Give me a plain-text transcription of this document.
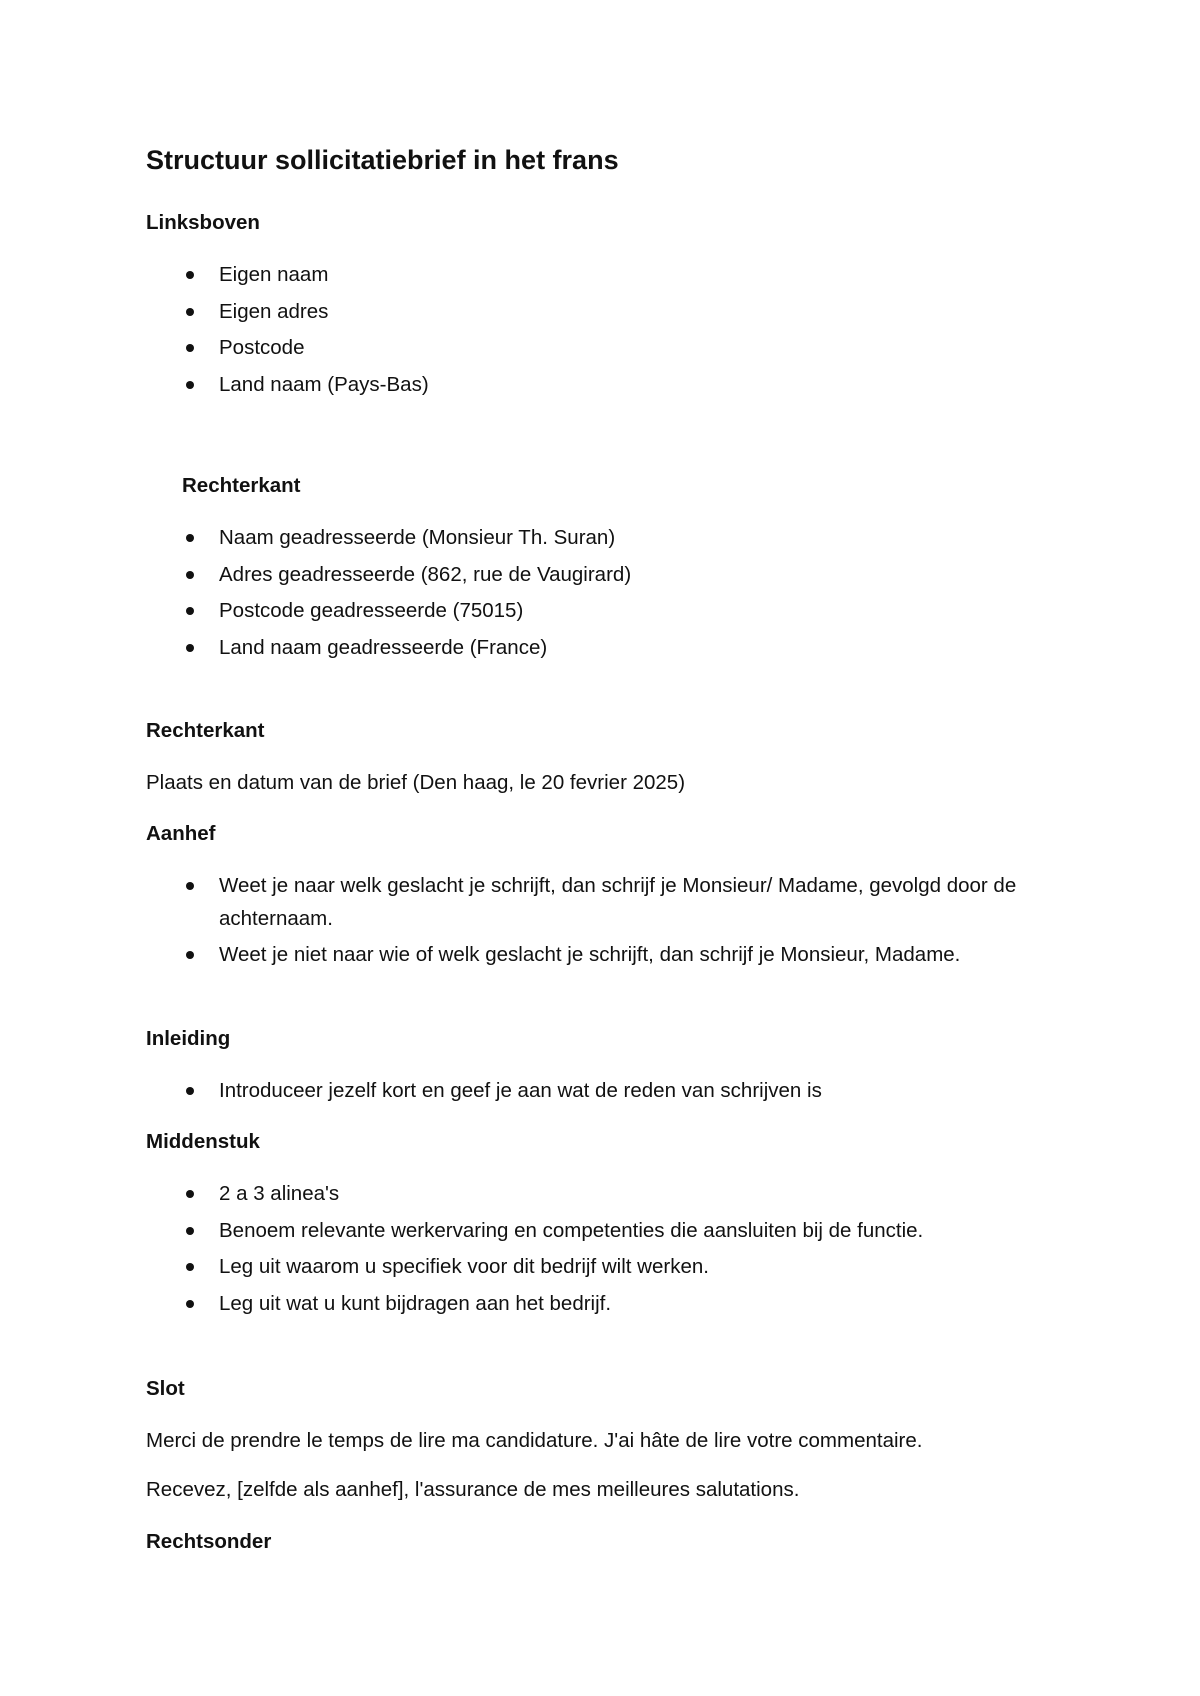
Structuur sollicitatiebrief in het frans
Linksboven
Eigen naam
Eigen adres
Postcode
Land naam (Pays-Bas)
Rechterkant
Naam geadresseerde (Monsieur Th. Suran)
Adres geadresseerde (862, rue de Vaugirard)
Postcode geadresseerde (75015)
Land naam geadresseerde (France)
Rechterkant
Plaats en datum van de brief (Den haag, le 20 fevrier 2025)
Aanhef
Weet je naar welk geslacht je schrijft, dan schrijf je Monsieur/ Madame, gevolgd door de achternaam.
Weet je niet naar wie of welk geslacht je schrijft, dan schrijf je Monsieur, Madame.
Inleiding
Introduceer jezelf kort en geef je aan wat de reden van schrijven is
Middenstuk
2 a 3 alinea's
Benoem relevante werkervaring en competenties die aansluiten bij de functie.
Leg uit waarom u specifiek voor dit bedrijf wilt werken.
Leg uit wat u kunt bijdragen aan het bedrijf.
Slot
Merci de prendre le temps de lire ma candidature. J'ai hâte de lire votre commentaire.
Recevez, [zelfde als aanhef], l'assurance de mes meilleures salutations.
Rechtsonder
